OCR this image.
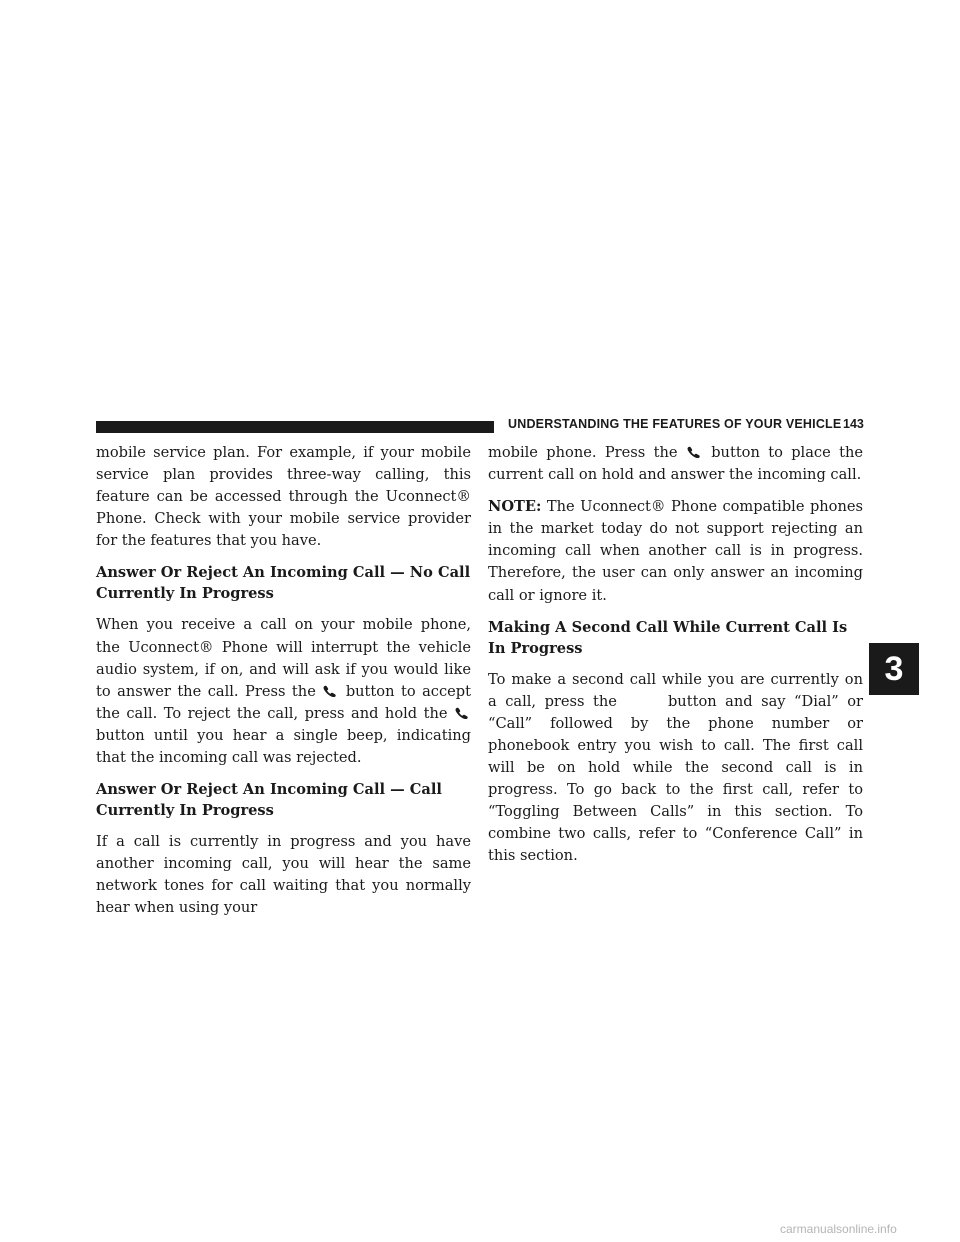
UNDERSTANDING THE FEATURES OF YOUR VEHICLE 143

mobile service plan. For example, if your mobile service plan provides three-way calling, this feature can be accessed through the Uconnect® Phone. Check with your mobile service provider for the features that you have.

Answer Or Reject An Incoming Call — No Call Currently In Progress

When you receive a call on your mobile phone, the Uconnect® Phone will interrupt the vehicle audio system, if on, and will ask if you would like to answer the call. Press the
button to accept the call. To reject the call, press and hold the
button until you hear a single beep, indicating that the incoming call was rejected.

Answer Or Reject An Incoming Call — Call Currently In Progress

If a call is currently in progress and you have another incoming call, you will hear the same network tones for call waiting that you normally hear when using your

mobile phone. Press the
button to place the current call on hold and answer the incoming call.

NOTE: The Uconnect® Phone compatible phones in the market today do not support rejecting an incoming call when another call is in progress. Therefore, the user can only answer an incoming call or ignore it.

Making A Second Call While Current Call Is In Progress

To make a second call while you are currently on a call, press the  button and say “Dial” or “Call” followed by the phone number or phonebook entry you wish to call. The first call will be on hold while the second call is in progress. To go back to the first call, refer to “Toggling Between Calls” in this section. To combine two calls, refer to “Conference Call” in this section.

3
carmanualsonline.info
